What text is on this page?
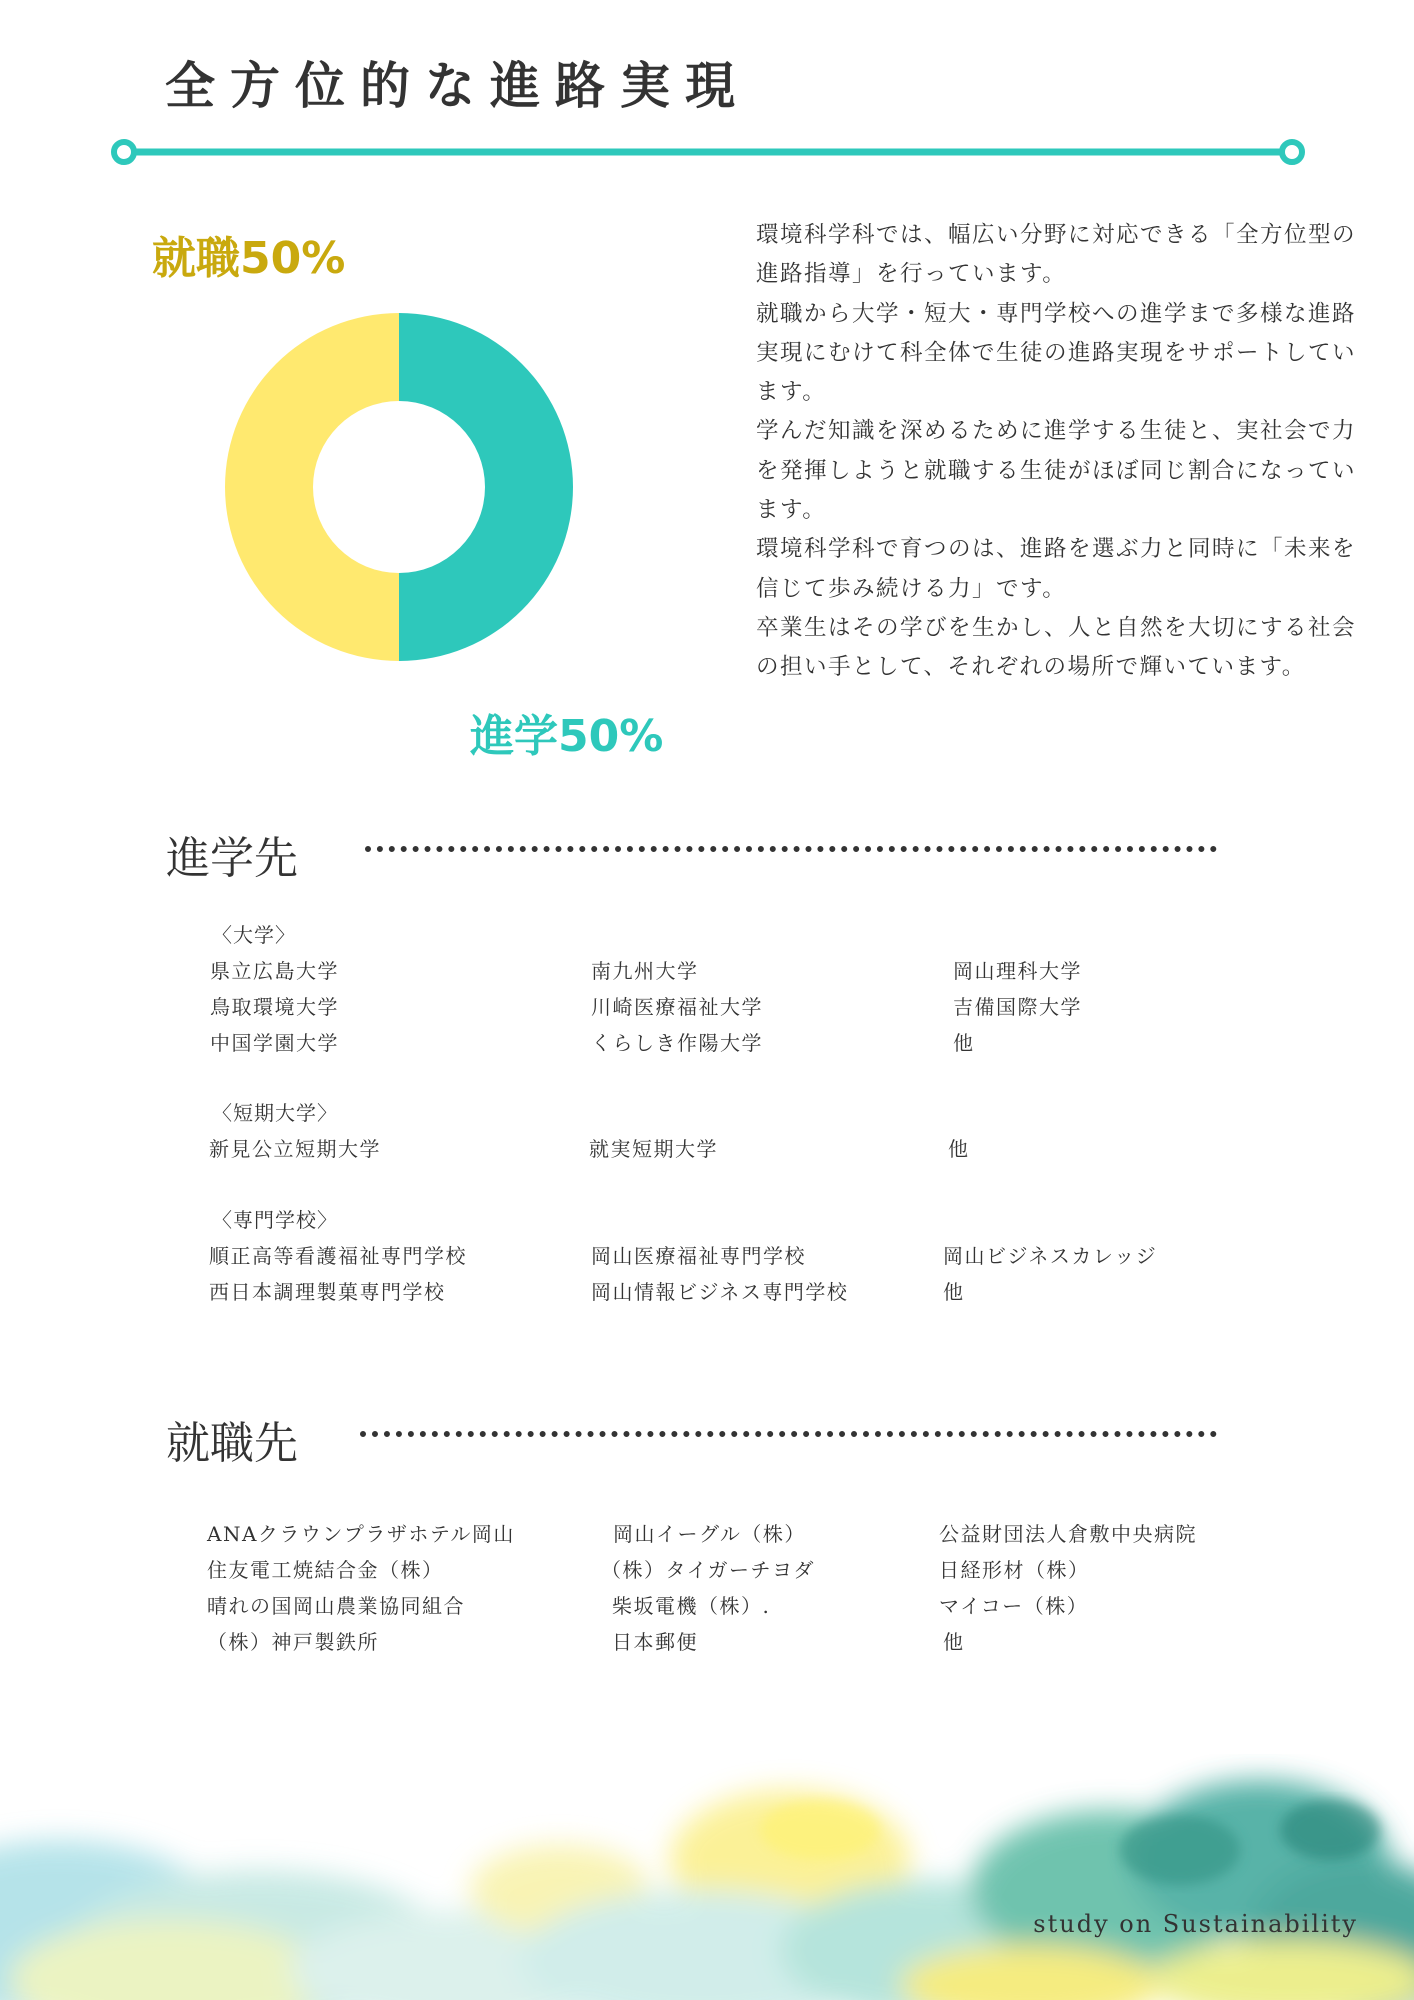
全方位的な進路実現
就職50%
進学50%

環境科学科では、幅広い分野に対応できる「全方位型の進路指導」を行っています。

就職から大学・短大・専門学校への進学まで多様な進路実現にむけて科全体で生徒の進路実現をサポートしています。

学んだ知識を深めるために進学する生徒と、実社会で力を発揮しようと就職する生徒がほぼ同じ割合になっています。

環境科学科で育つのは、進路を選ぶ力と同時に「未来を信じて歩み続ける力」です。

卒業生はその学びを生かし、人と自然を大切にする社会の担い手として、それぞれの場所で輝いています。

進学先
〈大学〉
県立広島大学
鳥取環境大学
中国学園大学
南九州大学
川崎医療福祉大学
くらしき作陽大学
岡山理科大学
吉備国際大学
他
〈短期大学〉
新見公立短期大学	就実短期大学	他
〈専門学校〉
順正高等看護福祉専門学校
西日本調理製菓専門学校
岡山医療福祉専門学校
岡山情報ビジネス専門学校
岡山ビジネスカレッジ
他
就職先
ANAクラウンプラザホテル岡山
住友電工焼結合金（株）
晴れの国岡山農業協同組合
（株）神戸製鉄所
岡山イーグル（株）
（株）タイガーチヨダ
柴坂電機（株）.
日本郵便
公益財団法人倉敷中央病院
日経形材（株）
マイコー（株）
他
study on Sustainability
